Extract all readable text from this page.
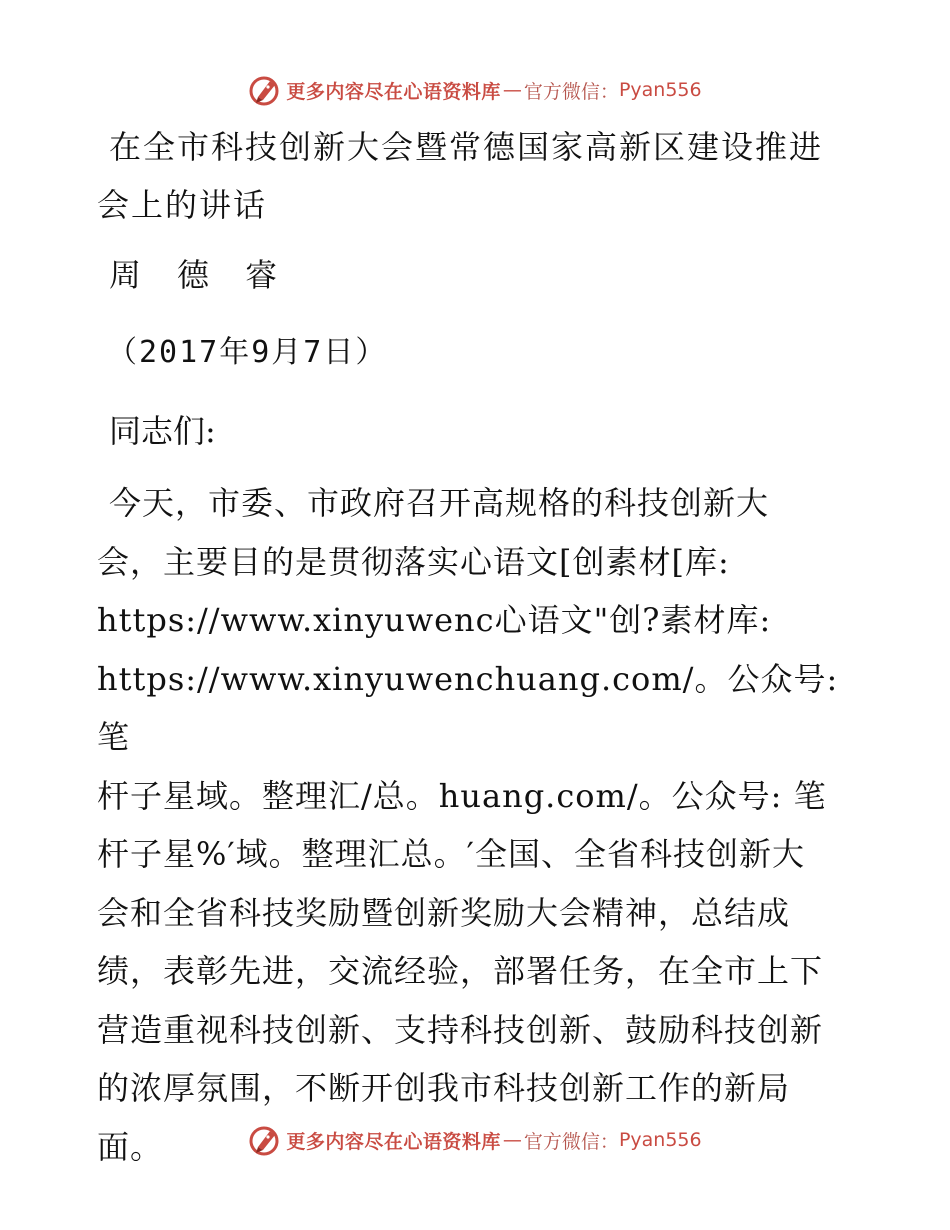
更多内容尽在心语资料库 — 官方微信： Pyan556
在全市科技创新大会暨常德国家高新区建设推进
会上的讲话
周 德 睿
（2017年9月7日）
同志们:
今天，市委、市政府召开高规格的科技创新大
会，主要目的是贯彻落实心语文[创素材[库:
https://www.xinyuwenc心语文"创?素材库:
https://www.xinyuwenchuang.com/。公众号: 笔
杆子星域。整理汇/总。huang.com/。公众号: 笔
杆子星%′域。整理汇总。′全国、全省科技创新大
会和全省科技奖励暨创新奖励大会精神，总结成
绩，表彰先进，交流经验，部署任务，在全市上下
营造重视科技创新、支持科技创新、鼓励科技创新
的浓厚氛围，不断开创我市科技创新工作的新局
面。	更多内容尽在心语资料库 — 官方微信： Pyan556
